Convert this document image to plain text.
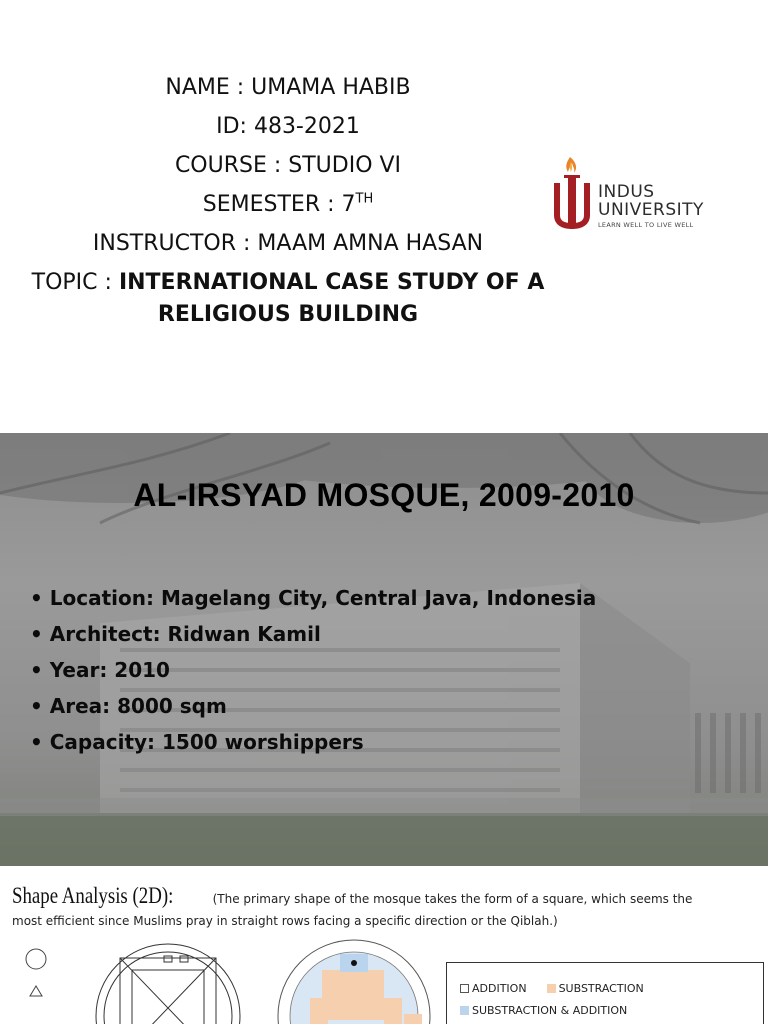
NAME : UMAMA HABIB
ID: 483-2021
COURSE : STUDIO VI
SEMESTER : 7TH
INSTRUCTOR : MAAM AMNA HASAN
TOPIC : INTERNATIONAL CASE STUDY OF A
RELIGIOUS BUILDING
INDUS
UNIVERSITY
LEARN WELL TO LIVE WELL
AL-IRSYAD MOSQUE, 2009-2010
• Location: Magelang City, Central Java, Indonesia
• Architect: Ridwan Kamil
• Year: 2010
• Area: 8000 sqm
• Capacity: 1500 worshippers
Shape Analysis (2D):	(The primary shape of the mosque takes the form of a square, which seems the
most efficient since Muslims pray in straight rows facing a specific direction or the Qiblah.)
ADDITION	SUBSTRACTION
SUBSTRACTION & ADDITION
